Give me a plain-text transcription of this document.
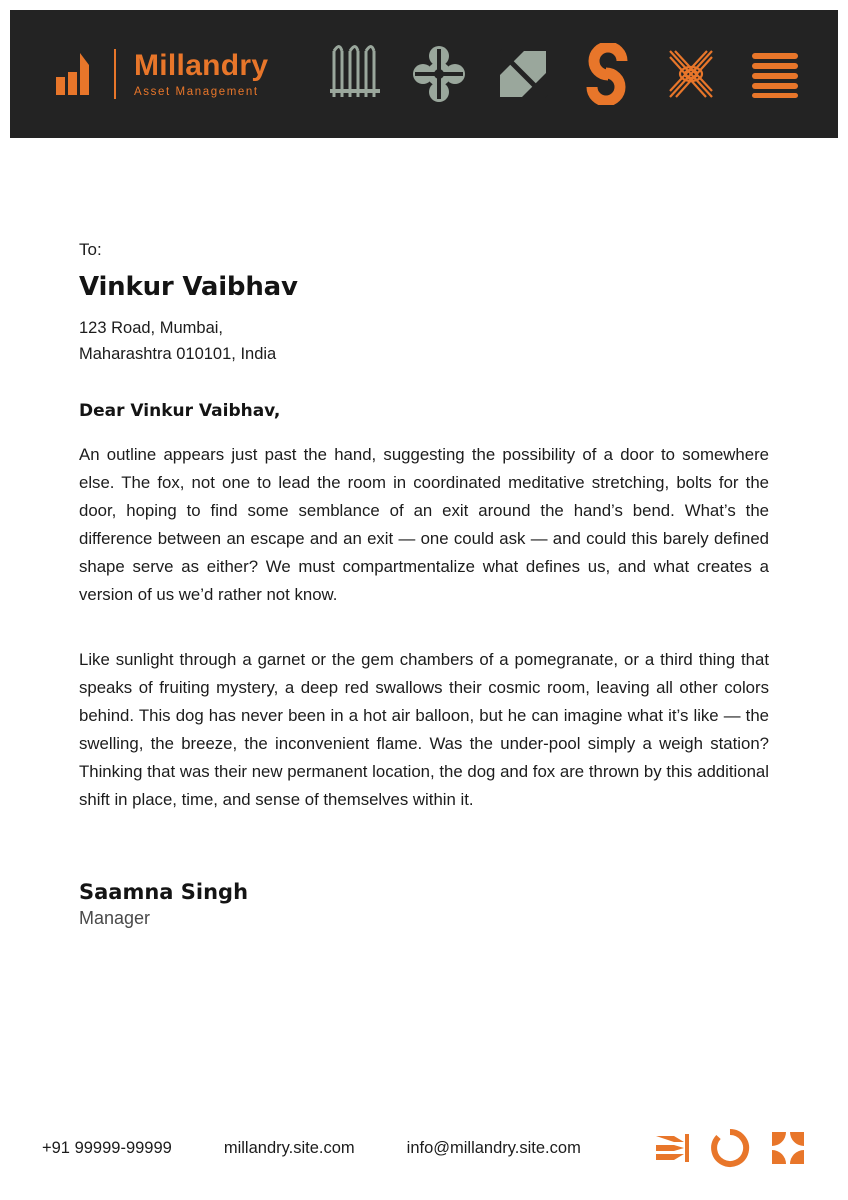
Millandry
Asset Management
To:
Vinkur Vaibhav
123 Road, Mumbai,
Maharashtra 010101, India
Dear Vinkur Vaibhav,

An outline appears just past the hand, suggesting the possibility of a door to somewhere else. The fox, not one to lead the room in coordinated meditative stretching, bolts for the door, hoping to find some semblance of an exit around the hand’s bend. What’s the difference between an escape and an exit — one could ask — and could this barely defined shape serve as either? We must compartmentalize what defines us, and what creates a version of us we’d rather not know.

Like sunlight through a garnet or the gem chambers of a pomegranate, or a third thing that speaks of fruiting mystery, a deep red swallows their cosmic room, leaving all other colors behind. This dog has never been in a hot air balloon, but he can imagine what it’s like — the swelling, the breeze, the inconvenient flame. Was the under-pool simply a weigh station? Thinking that was their new permanent location, the dog and fox are thrown by this additional shift in place, time, and sense of themselves within it.

Saamna Singh
Manager
+91 99999-99999	millandry.site.com	info@millandry.site.com
